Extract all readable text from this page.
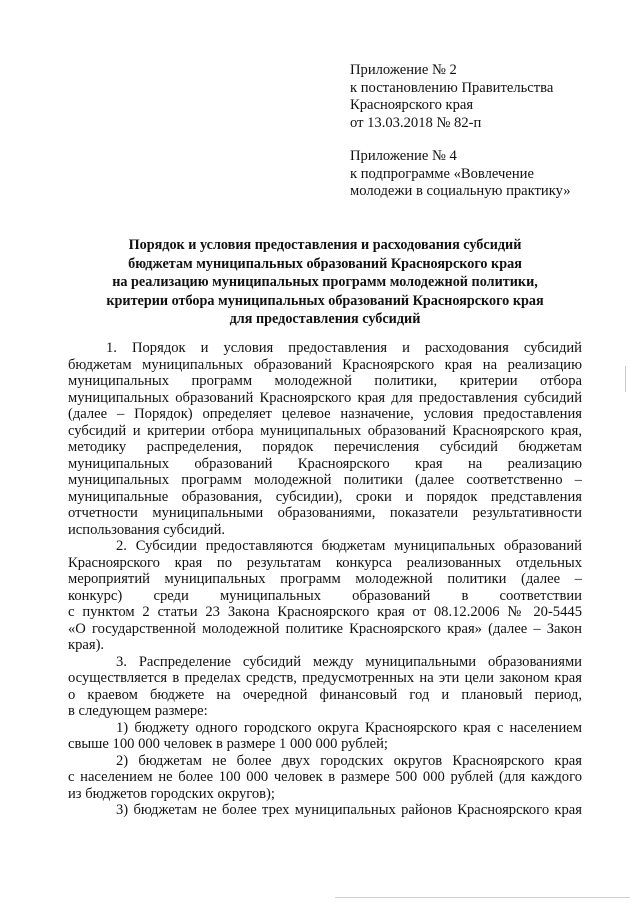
Приложение № 2
к постановлению Правительства
Красноярского края
от 13.03.2018 № 82-п
Приложение № 4
к подпрограмме «Вовлечение
молодежи в социальную практику»
Порядок и условия предоставления и расходования субсидий
бюджетам муниципальных образований Красноярского края
на реализацию муниципальных программ молодежной политики,
критерии отбора муниципальных образований Красноярского края
для предоставления субсидий
1. Порядок и условия предоставления и расходования субсидий
бюджетам муниципальных образований Красноярского края на реализацию
муниципальных программ молодежной политики, критерии отбора
муниципальных образований Красноярского края для предоставления субсидий
(далее – Порядок) определяет целевое назначение, условия предоставления
субсидий и критерии отбора муниципальных образований Красноярского края,
методику распределения, порядок перечисления субсидий бюджетам
муниципальных образований Красноярского края на реализацию
муниципальных программ молодежной политики (далее соответственно –
муниципальные образования, субсидии), сроки и порядок представления
отчетности муниципальными образованиями, показатели результативности
использования субсидий.
2. Субсидии предоставляются бюджетам муниципальных образований
Красноярского края по результатам конкурса реализованных отдельных
мероприятий муниципальных программ молодежной политики (далее –
конкурс) среди муниципальных образований в соответствии
с пунктом 2 статьи 23 Закона Красноярского края от 08.12.2006 № 20-5445
«О государственной молодежной политике Красноярского края» (далее – Закон
края).
3. Распределение субсидий между муниципальными образованиями
осуществляется в пределах средств, предусмотренных на эти цели законом края
о краевом бюджете на очередной финансовый год и плановый период,
в следующем размере:
1) бюджету одного городского округа Красноярского края с населением
свыше 100 000 человек в размере 1 000 000 рублей;
2) бюджетам не более двух городских округов Красноярского края
с населением не более 100 000 человек в размере 500 000 рублей (для каждого
из бюджетов городских округов);
3) бюджетам не более трех муниципальных районов Красноярского края
